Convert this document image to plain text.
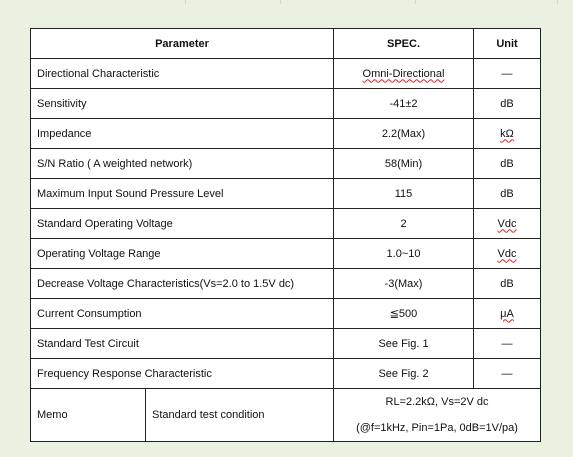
Parameter		SPEC.	Unit
Directional Characteristic		Omni-Directional	—
Sensitivity		-41±2	dB
Impedance		2.2(Max)	kΩ
S/N Ratio ( A weighted network)		58(Min)	dB
Maximum Input Sound Pressure Level		115	dB
Standard Operating Voltage		2	Vdc
Operating Voltage Range		1.0~10	Vdc
Decrease Voltage Characteristics(Vs=2.0 to 1.5V dc)		-3(Max)	dB
Current Consumption		≦500	μA
Standard Test Circuit		See Fig. 1	—
Frequency Response Characteristic		See Fig. 2	—
Memo	Standard test condition	RL=2.2kΩ, Vs=2V dc
(@f=1kHz, Pin=1Pa, 0dB=1V/pa)	
